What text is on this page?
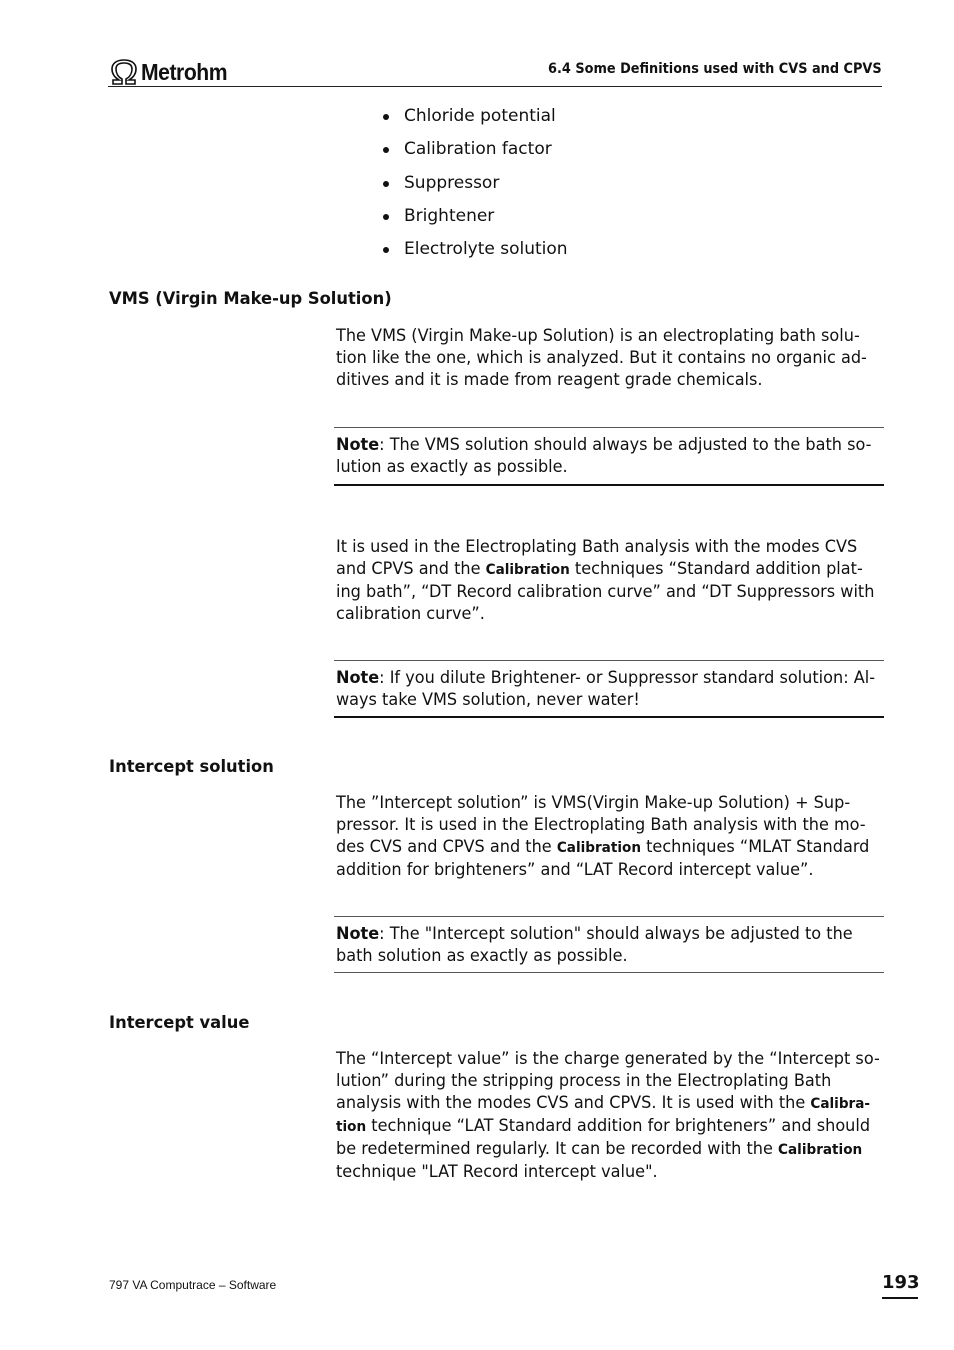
Metrohm	6.4 Some Definitions used with CVS and CPVS
Chloride potential
Calibration factor
Suppressor
Brightener
Electrolyte solution
VMS (Virgin Make-up Solution)
The VMS (Virgin Make-up Solution) is an electroplating bath solu-
tion like the one, which is analyzed. But it contains no organic ad-
ditives and it is made from reagent grade chemicals.
Note: The VMS solution should always be adjusted to the bath so-
lution as exactly as possible.
It is used in the Electroplating Bath analysis with the modes CVS
and CPVS and the Calibration techniques “Standard addition plat-
ing bath”, “DT Record calibration curve” and “DT Suppressors with
calibration curve”.
Note: If you dilute Brightener- or Suppressor standard solution: Al-
ways take VMS solution, never water!
Intercept solution
The ”Intercept solution” is VMS(Virgin Make-up Solution) + Sup-
pressor. It is used in the Electroplating Bath analysis with the mo-
des CVS and CPVS and the Calibration techniques “MLAT Standard
addition for brighteners” and “LAT Record intercept value”.
Note: The "Intercept solution" should always be adjusted to the
bath solution as exactly as possible.
Intercept value
The “Intercept value” is the charge generated by the “Intercept so-
lution” during the stripping process in the Electroplating Bath
analysis with the modes CVS and CPVS. It is used with the Calibra-
tion technique “LAT Standard addition for brighteners” and should
be redetermined regularly. It can be recorded with the Calibration
technique "LAT Record intercept value".
797 VA Computrace – Software	193
